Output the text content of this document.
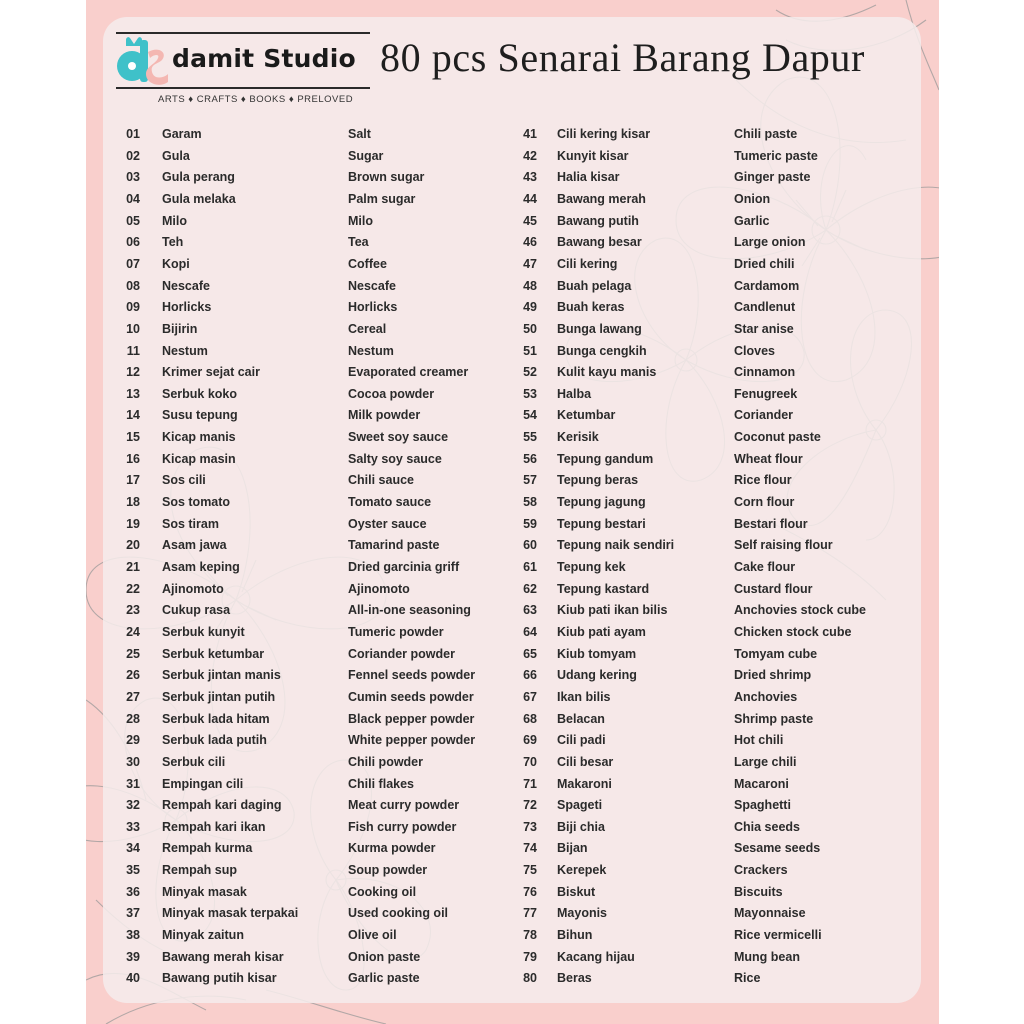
damit Studio
ARTS ♦ CRAFTS ♦ BOOKS ♦ PRELOVED
80 pcs Senarai Barang Dapur
01 Garam	Salt
02 Gula	Sugar
03 Gula perang	Brown sugar
04 Gula melaka	Palm sugar
05 Milo	Milo
06 Teh	Tea
07 Kopi	Coffee
08 Nescafe	Nescafe
09 Horlicks	Horlicks
10 Bijirin	Cereal
11 Nestum	Nestum
12 Krimer sejat cair	Evaporated creamer
13 Serbuk koko	Cocoa powder
14 Susu tepung	Milk powder
15 Kicap manis	Sweet soy sauce
16 Kicap masin	Salty soy sauce
17 Sos cili	Chili sauce
18 Sos tomato	Tomato sauce
19 Sos tiram	Oyster sauce
20 Asam jawa	Tamarind paste
21 Asam keping	Dried garcinia griff
22 Ajinomoto	Ajinomoto
23 Cukup rasa	All-in-one seasoning
24 Serbuk kunyit	Tumeric powder
25 Serbuk ketumbar	Coriander powder
26 Serbuk jintan manis	Fennel seeds powder
27 Serbuk jintan putih	Cumin seeds powder
28 Serbuk lada hitam	Black pepper powder
29 Serbuk lada putih	White pepper powder
30 Serbuk cili	Chili powder
31 Empingan cili	Chili flakes
32 Rempah kari daging	Meat curry powder
33 Rempah kari ikan	Fish curry powder
34 Rempah kurma	Kurma powder
35 Rempah sup	Soup powder
36 Minyak masak	Cooking oil
37 Minyak masak terpakai	Used cooking oil
38 Minyak zaitun	Olive oil
39 Bawang merah kisar	Onion paste
40 Bawang putih kisar	Garlic paste
41 Cili kering kisar	Chili paste
42 Kunyit kisar	Tumeric paste
43 Halia kisar	Ginger paste
44 Bawang merah	Onion
45 Bawang putih	Garlic
46 Bawang besar	Large onion
47 Cili kering	Dried chili
48 Buah pelaga	Cardamom
49 Buah keras	Candlenut
50 Bunga lawang	Star anise
51 Bunga cengkih	Cloves
52 Kulit kayu manis	Cinnamon
53 Halba	Fenugreek
54 Ketumbar	Coriander
55 Kerisik	Coconut paste
56 Tepung gandum	Wheat flour
57 Tepung beras	Rice flour
58 Tepung jagung	Corn flour
59 Tepung bestari	Bestari flour
60 Tepung naik sendiri	Self raising flour
61 Tepung kek	Cake flour
62 Tepung kastard	Custard flour
63 Kiub pati ikan bilis	Anchovies stock cube
64 Kiub pati ayam	Chicken stock cube
65 Kiub tomyam	Tomyam cube
66 Udang kering	Dried shrimp
67 Ikan bilis	Anchovies
68 Belacan	Shrimp paste
69 Cili padi	Hot chili
70 Cili besar	Large chili
71 Makaroni	Macaroni
72 Spageti	Spaghetti
73 Biji chia	Chia seeds
74 Bijan	Sesame seeds
75 Kerepek	Crackers
76 Biskut	Biscuits
77 Mayonis	Mayonnaise
78 Bihun	Rice vermicelli
79 Kacang hijau	Mung bean
80 Beras	Rice
